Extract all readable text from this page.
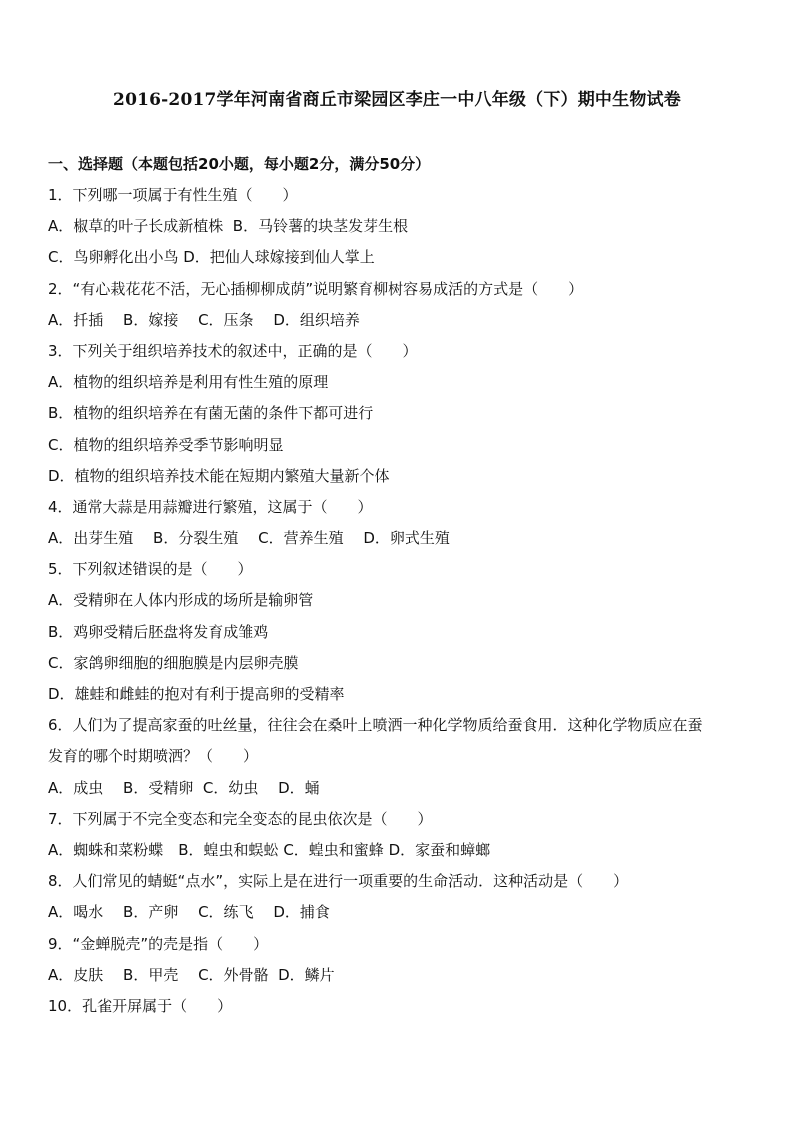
2016-2017学年河南省商丘市梁园区李庄一中八年级（下）期中生物试卷
一、选择题（本题包括20小题，每小题2分，满分50分）
1．下列哪一项属于有性生殖（　　）
A．椒草的叶子长成新植株  B．马铃薯的块茎发芽生根
C．鸟卵孵化出小鸟 D．把仙人球嫁接到仙人掌上
2．“有心栽花花不活，无心插柳柳成荫”说明繁育柳树容易成活的方式是（　　）
A．扦插　 B．嫁接　 C．压条　 D．组织培养
3．下列关于组织培养技术的叙述中，正确的是（　　）
A．植物的组织培养是利用有性生殖的原理
B．植物的组织培养在有菌无菌的条件下都可进行
C．植物的组织培养受季节影响明显
D．植物的组织培养技术能在短期内繁殖大量新个体
4．通常大蒜是用蒜瓣进行繁殖，这属于（　　）
A．出芽生殖　 B．分裂生殖　 C．营养生殖　 D．卵式生殖
5．下列叙述错误的是（　　）
A．受精卵在人体内形成的场所是输卵管
B．鸡卵受精后胚盘将发育成雏鸡
C．家鸽卵细胞的细胞膜是内层卵壳膜
D．雄蛙和雌蛙的抱对有利于提高卵的受精率
6．人们为了提高家蚕的吐丝量，往往会在桑叶上喷洒一种化学物质给蚕食用．这种化学物质应在蚕
发育的哪个时期喷洒？（　　）
A．成虫　 B．受精卵  C．幼虫　 D．蛹
7．下列属于不完全变态和完全变态的昆虫依次是（　　）
A．蜘蛛和菜粉蝶　B．蝗虫和蜈蚣 C．蝗虫和蜜蜂 D．家蚕和蟑螂
8．人们常见的蜻蜓“点水”，实际上是在进行一项重要的生命活动．这种活动是（　　）
A．喝水　 B．产卵　 C．练飞　 D．捕食
9．“金蝉脱壳”的壳是指（　　）
A．皮肤　 B．甲壳　 C．外骨骼  D．鳞片
10．孔雀开屏属于（　　）
